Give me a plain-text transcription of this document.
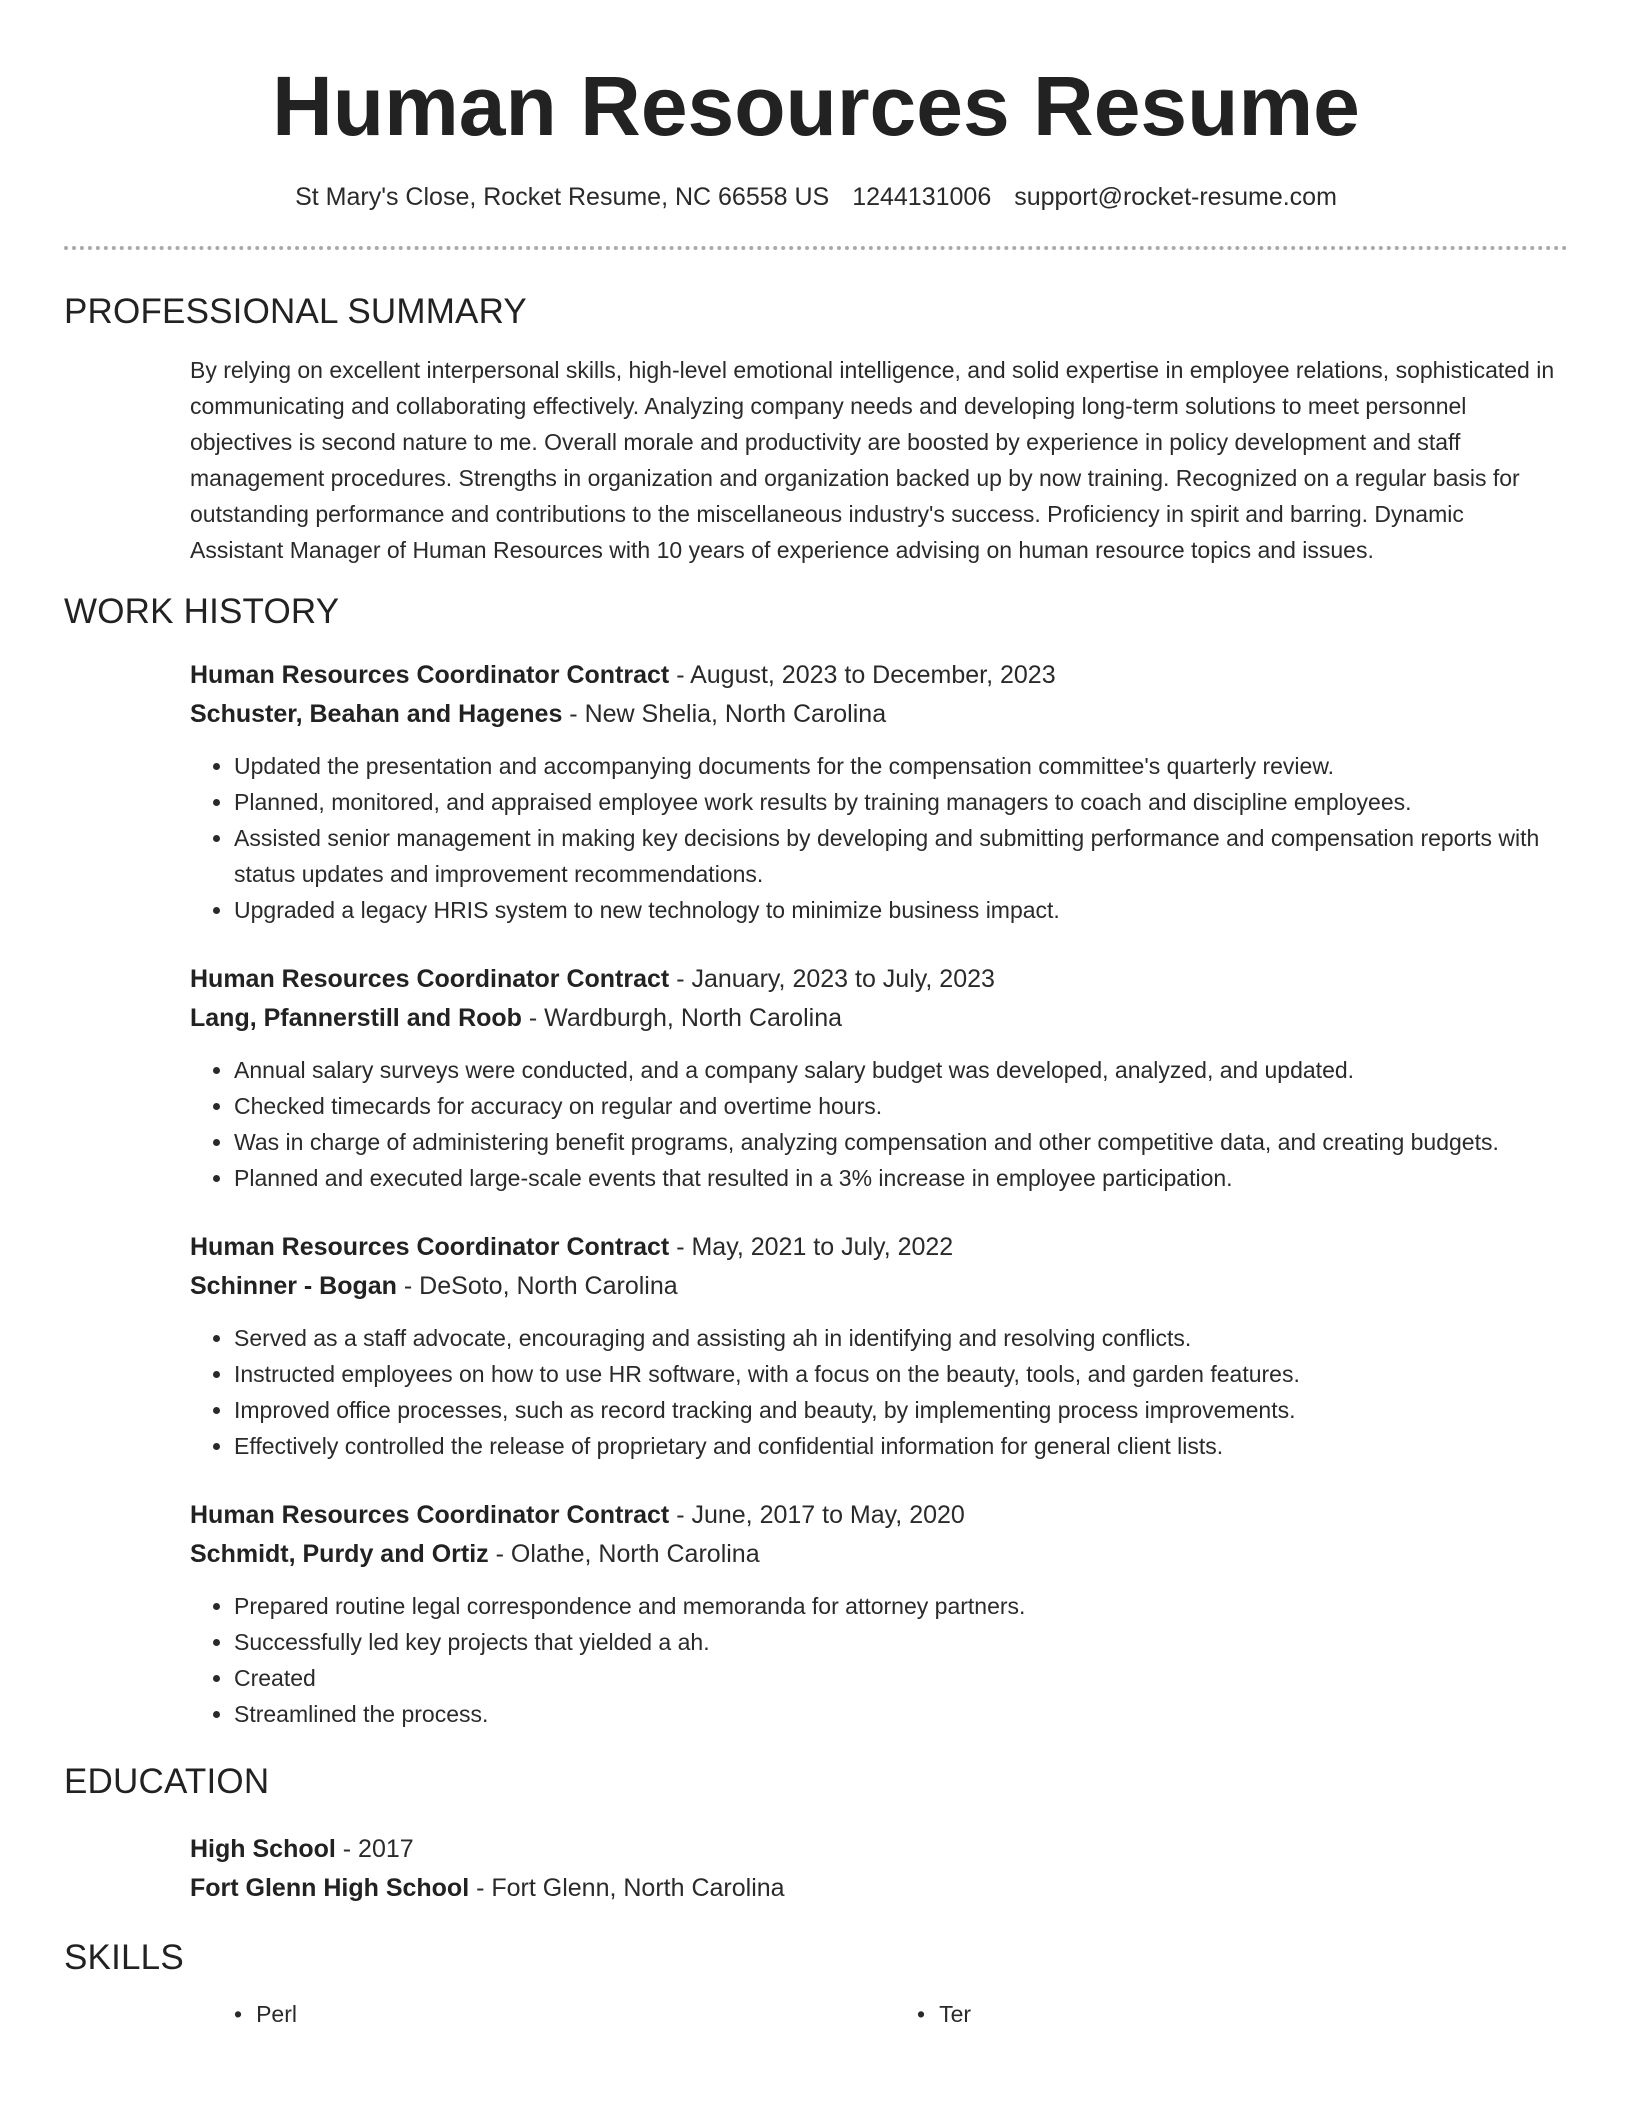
Human Resources Resume
St Mary's Close, Rocket Resume, NC 66558 US 1244131006 support@rocket-resume.com
PROFESSIONAL SUMMARY

By relying on excellent interpersonal skills, high-level emotional intelligence, and solid expertise in employee relations, sophisticated in communicating and collaborating effectively. Analyzing company needs and developing long-term solutions to meet personnel objectives is second nature to me. Overall morale and productivity are boosted by experience in policy development and staff management procedures. Strengths in organization and organization backed up by now training. Recognized on a regular basis for outstanding performance and contributions to the miscellaneous industry's success. Proficiency in spirit and barring. Dynamic Assistant Manager of Human Resources with 10 years of experience advising on human resource topics and issues.

WORK HISTORY
Human Resources Coordinator Contract - August, 2023 to December, 2023
Schuster, Beahan and Hagenes - New Shelia, North Carolina
• Updated the presentation and accompanying documents for the compensation committee's quarterly review.
• Planned, monitored, and appraised employee work results by training managers to coach and discipline employees.
• Assisted senior management in making key decisions by developing and submitting performance and compensation reports with status updates and improvement recommendations.
• Upgraded a legacy HRIS system to new technology to minimize business impact.
Human Resources Coordinator Contract - January, 2023 to July, 2023
Lang, Pfannerstill and Roob - Wardburgh, North Carolina
• Annual salary surveys were conducted, and a company salary budget was developed, analyzed, and updated.
• Checked timecards for accuracy on regular and overtime hours.
• Was in charge of administering benefit programs, analyzing compensation and other competitive data, and creating budgets.
• Planned and executed large-scale events that resulted in a 3% increase in employee participation.
Human Resources Coordinator Contract - May, 2021 to July, 2022
Schinner - Bogan - DeSoto, North Carolina
• Served as a staff advocate, encouraging and assisting ah in identifying and resolving conflicts.
• Instructed employees on how to use HR software, with a focus on the beauty, tools, and garden features.
• Improved office processes, such as record tracking and beauty, by implementing process improvements.
• Effectively controlled the release of proprietary and confidential information for general client lists.
Human Resources Coordinator Contract - June, 2017 to May, 2020
Schmidt, Purdy and Ortiz - Olathe, North Carolina
• Prepared routine legal correspondence and memoranda for attorney partners.
• Successfully led key projects that yielded a ah.
• Created
• Streamlined the process.
EDUCATION
High School - 2017
Fort Glenn High School - Fort Glenn, North Carolina
SKILLS
• Perl
•	Ter
